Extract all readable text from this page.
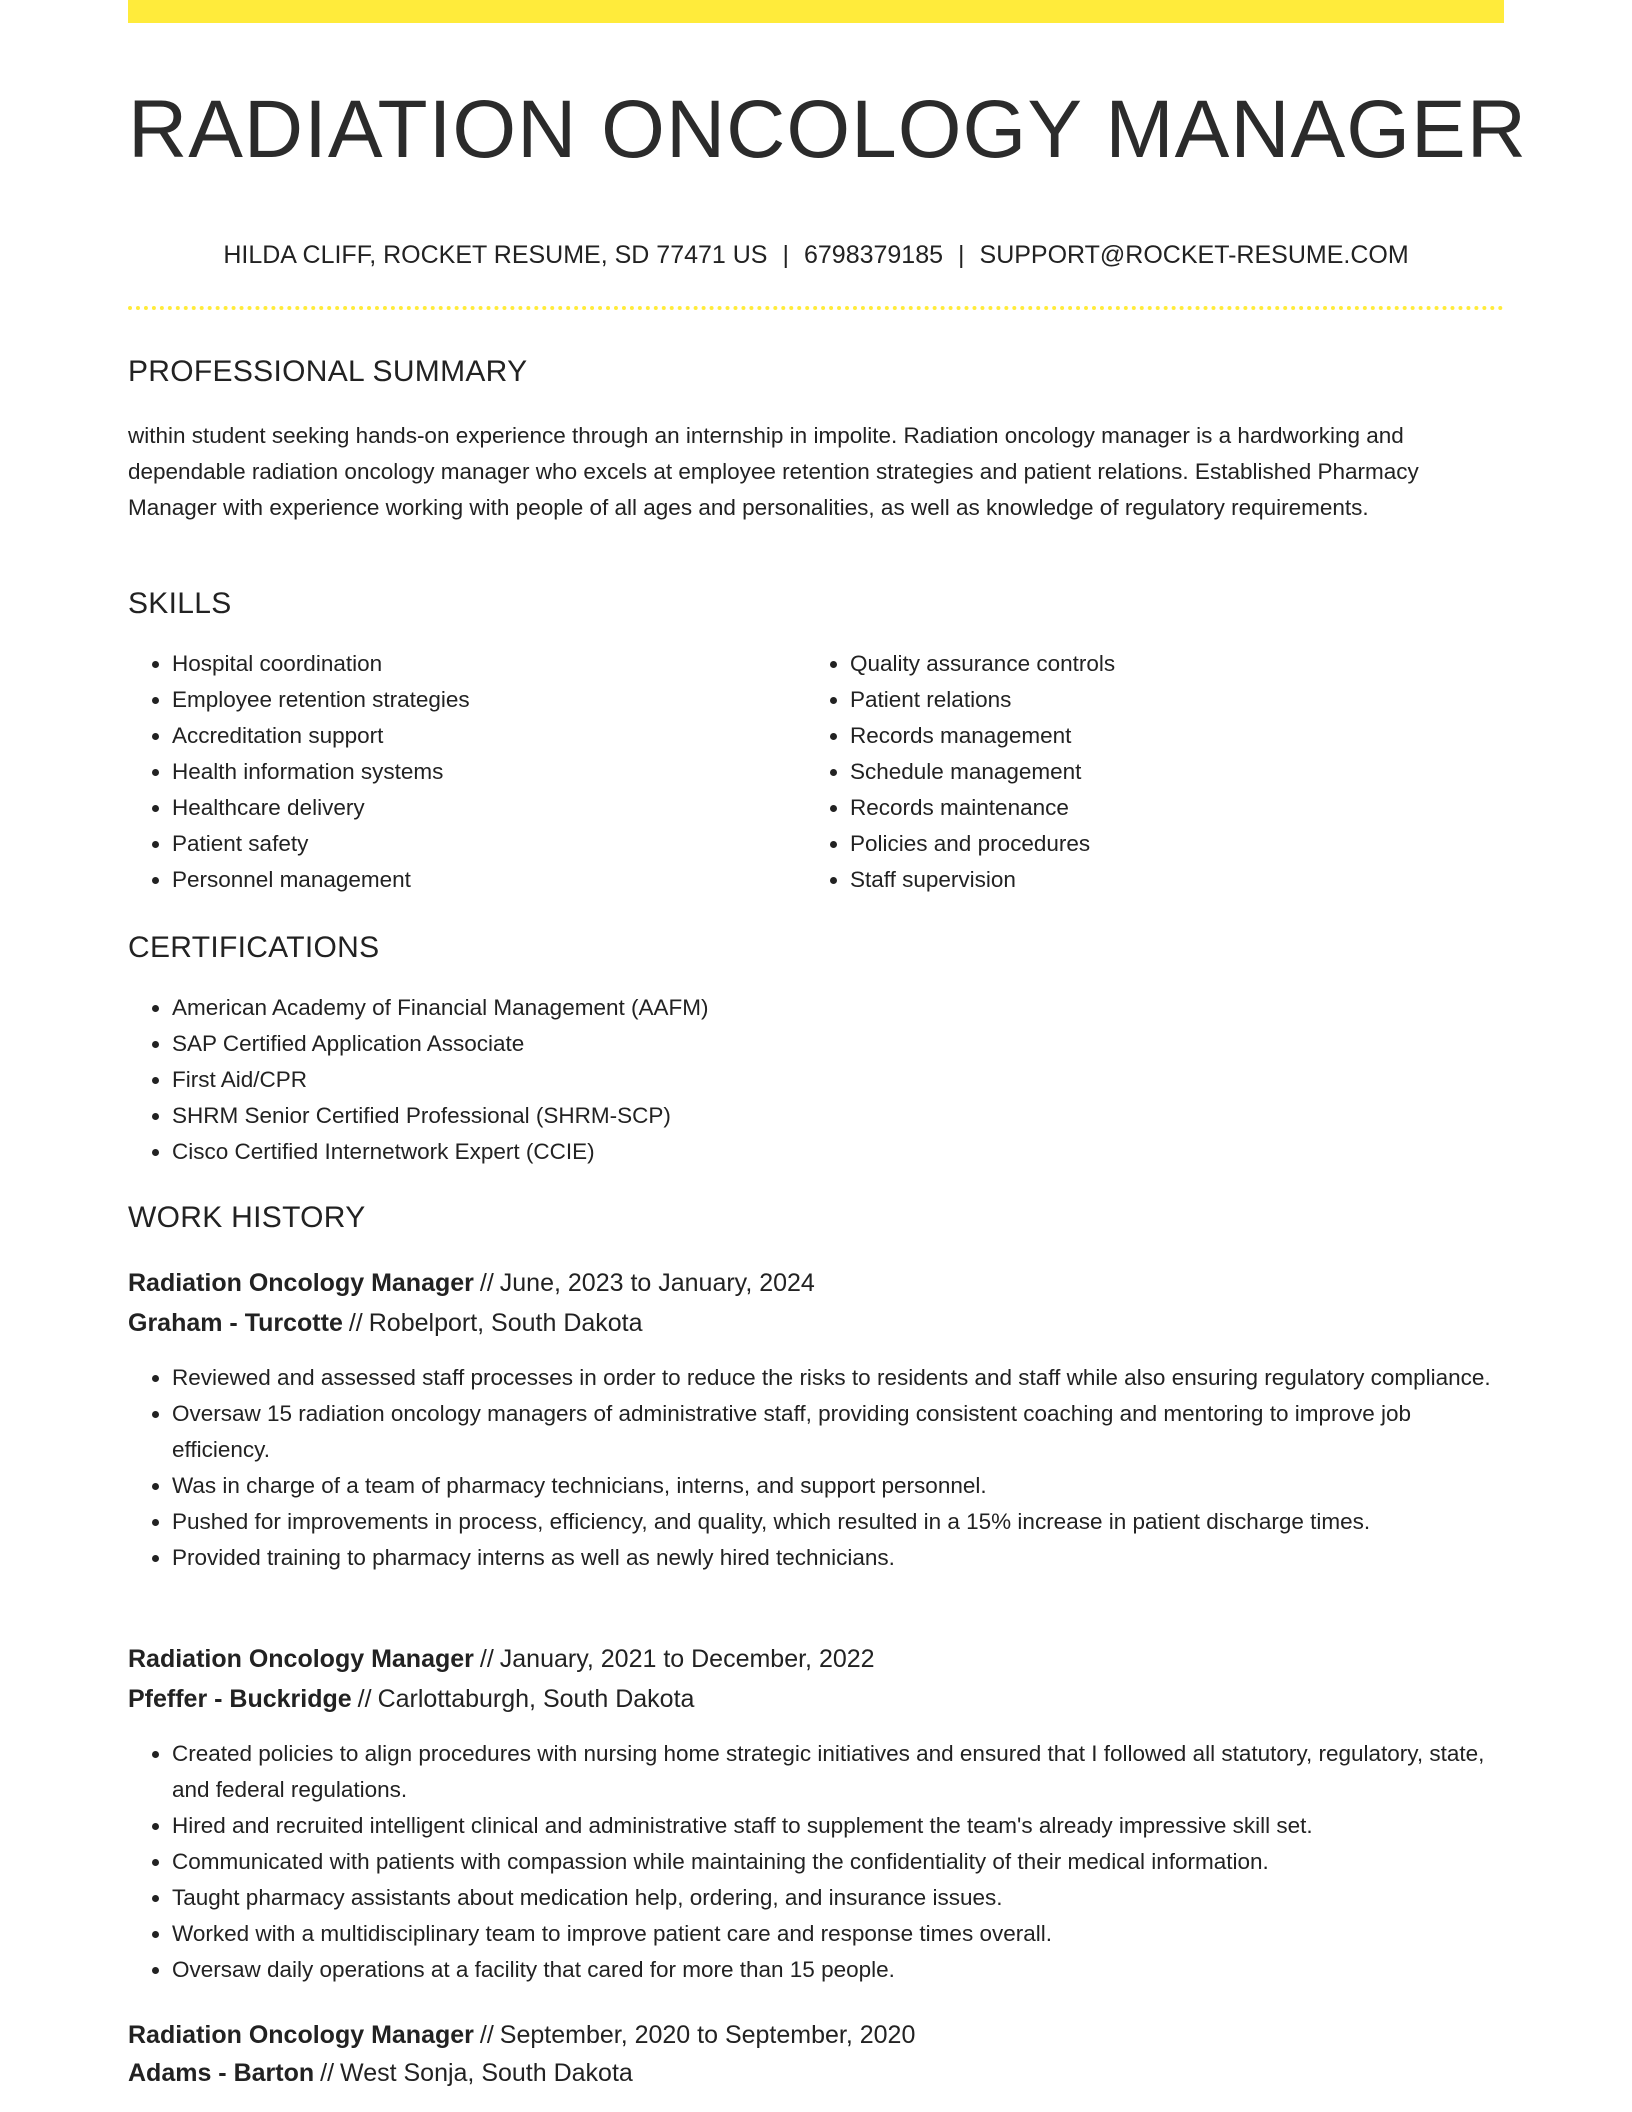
RADIATION ONCOLOGY MANAGER
HILDA CLIFF, ROCKET RESUME, SD 77471 US | 6798379185 | SUPPORT@ROCKET-RESUME.COM
PROFESSIONAL SUMMARY
within student seeking hands-on experience through an internship in impolite. Radiation oncology manager is a hardworking and dependable radiation oncology manager who excels at employee retention strategies and patient relations. Established Pharmacy Manager with experience working with people of all ages and personalities, as well as knowledge of regulatory requirements.
SKILLS
• Hospital coordination
• Employee retention strategies
• Accreditation support
• Health information systems
• Healthcare delivery
• Patient safety
• Personnel management
• Quality assurance controls
• Patient relations
• Records management
• Schedule management
• Records maintenance
• Policies and procedures
• Staff supervision
CERTIFICATIONS
• American Academy of Financial Management (AAFM)
• SAP Certified Application Associate
• First Aid/CPR
• SHRM Senior Certified Professional (SHRM-SCP)
• Cisco Certified Internetwork Expert (CCIE)
WORK HISTORY
Radiation Oncology Manager // June, 2023 to January, 2024
Graham - Turcotte // Robelport, South Dakota
• Reviewed and assessed staff processes in order to reduce the risks to residents and staff while also ensuring regulatory compliance.
• Oversaw 15 radiation oncology managers of administrative staff, providing consistent coaching and mentoring to improve job efficiency.
• Was in charge of a team of pharmacy technicians, interns, and support personnel.
• Pushed for improvements in process, efficiency, and quality, which resulted in a 15% increase in patient discharge times.
• Provided training to pharmacy interns as well as newly hired technicians.
Radiation Oncology Manager // January, 2021 to December, 2022
Pfeffer - Buckridge // Carlottaburgh, South Dakota
• Created policies to align procedures with nursing home strategic initiatives and ensured that I followed all statutory, regulatory, state, and federal regulations.
• Hired and recruited intelligent clinical and administrative staff to supplement the team's already impressive skill set.
• Communicated with patients with compassion while maintaining the confidentiality of their medical information.
• Taught pharmacy assistants about medication help, ordering, and insurance issues.
• Worked with a multidisciplinary team to improve patient care and response times overall.
• Oversaw daily operations at a facility that cared for more than 15 people.
Radiation Oncology Manager // September, 2020 to September, 2020
Adams - Barton // West Sonja, South Dakota
